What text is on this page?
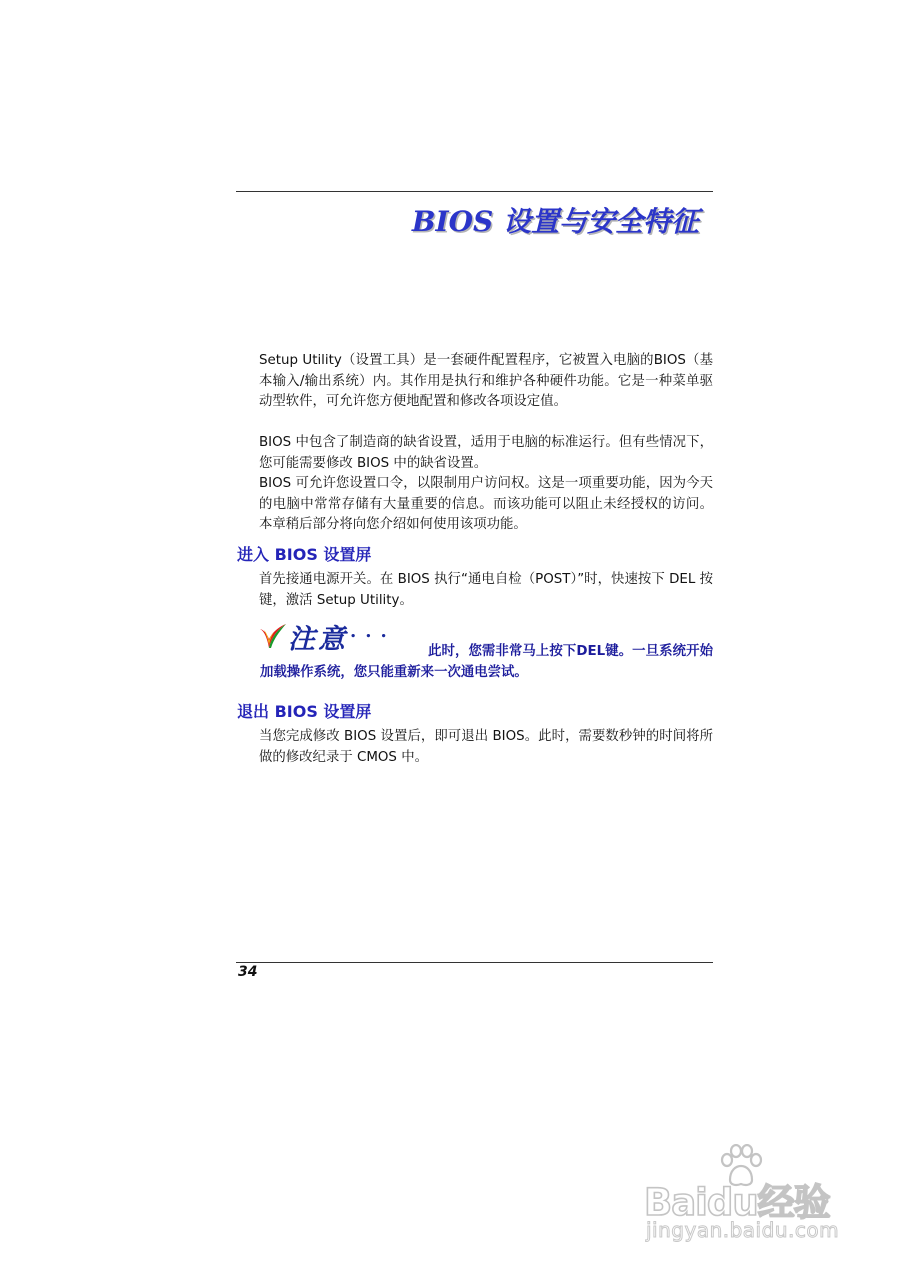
BIOS 设置与安全特征

Setup Utility（设置工具）是一套硬件配置程序，它被置入电脑的BIOS（基本输入/输出系统）内。其作用是执行和维护各种硬件功能。它是一种菜单驱动型软件，可允许您方便地配置和修改各项设定值。

BIOS 中包含了制造商的缺省设置，适用于电脑的标准运行。但有些情况下，您可能需要修改 BIOS 中的缺省设置。

BIOS 可允许您设置口令，以限制用户访问权。这是一项重要功能，因为今天的电脑中常常存储有大量重要的信息。而该功能可以阻止未经授权的访问。本章稍后部分将向您介绍如何使用该项功能。

进入 BIOS 设置屏

首先接通电源开关。在 BIOS 执行“通电自检（POST）”时，快速按下 DEL 按键，激活 Setup Utility。

注意 ...

此时，您需非常马上按下DEL键。一旦系统开始加载操作系统，您只能重新来一次通电尝试。

退出 BIOS 设置屏

当您完成修改 BIOS 设置后，即可退出 BIOS。此时，需要数秒钟的时间将所做的修改纪录于 CMOS 中。

34
Baidu经验
jingyan.baidu.com
